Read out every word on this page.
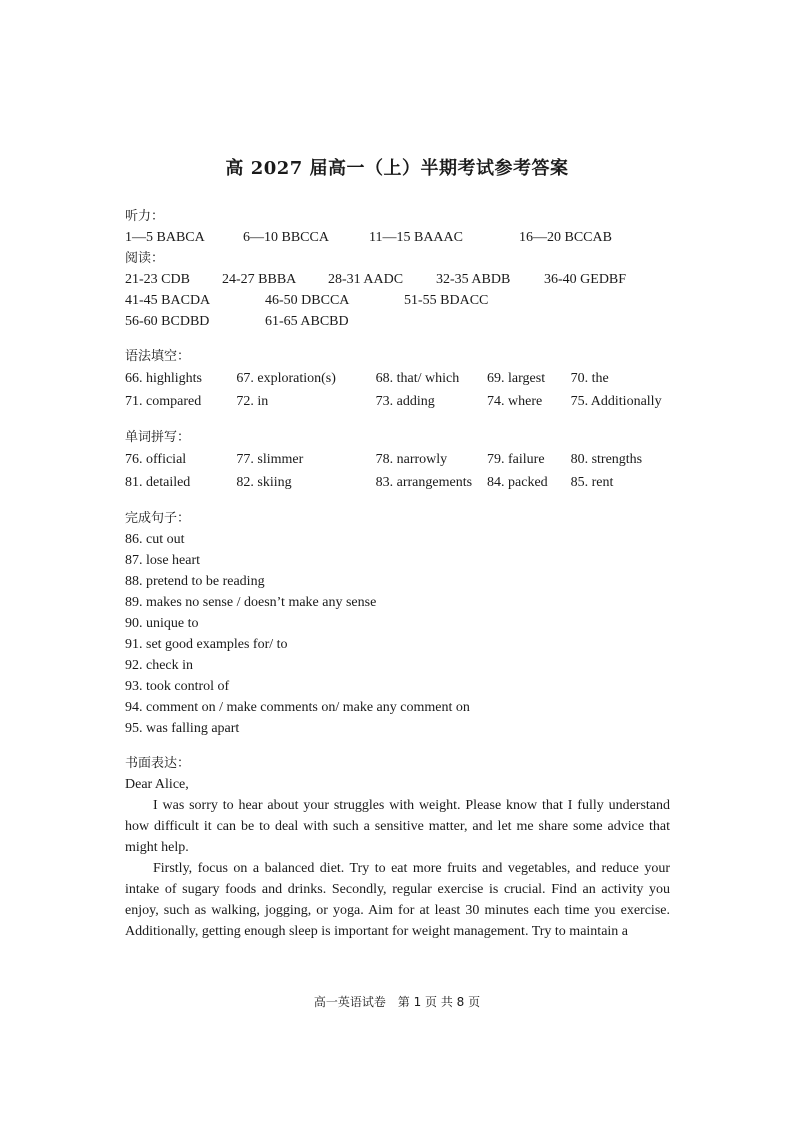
高 2027 届高一（上）半期考试参考答案
听力：
1—5 BABCA	6—10 BBCCA	11—15 BAAAC	16—20 BCCAB
阅读：
21-23 CDB	24-27 BBBA	28-31 AADC	32-35 ABDB	36-40 GEDBF
41-45 BACDA	46-50 DBCCA	51-55 BDACC
56-60 BCDBD	61-65 ABCBD
语法填空：
66. highlights	67. exploration(s)	68. that/ which	69. largest	70. the
71. compared	72. in	73. adding	74. where	75. Additionally
单词拼写：
76. official	77. slimmer	78. narrowly	79. failure	80. strengths
81. detailed	82. skiing	83. arrangements	84. packed	85. rent
完成句子：
86. cut out
87. lose heart
88. pretend to be reading
89. makes no sense / doesn’t make any sense
90. unique to
91. set good examples for/ to
92. check in
93. took control of
94. comment on / make comments on/ make any comment on
95. was falling apart
书面表达：
Dear Alice,

I was sorry to hear about your struggles with weight. Please know that I fully understand how difficult it can be to deal with such a sensitive matter, and let me share some advice that might help.

Firstly, focus on a balanced diet. Try to eat more fruits and vegetables, and reduce your intake of sugary foods and drinks. Secondly, regular exercise is crucial. Find an activity you enjoy, such as walking, jogging, or yoga. Aim for at least 30 minutes each time you exercise. Additionally, getting enough sleep is important for weight management. Try to maintain a

高一英语试卷 第 1 页 共 8 页
